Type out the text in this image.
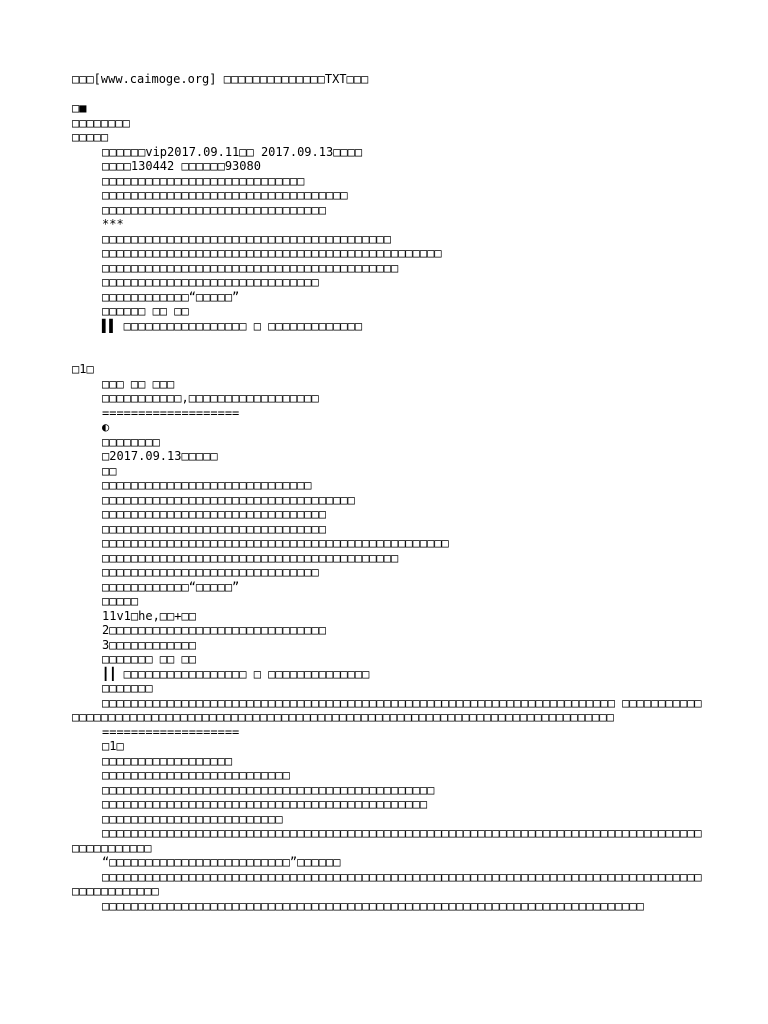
□□□[www.caimoge.org] □□□□□□□□□□□□□□TXT□□□
□■
□□□□□□□□
□□□□□
□□□□□□vip2017.09.11□□ 2017.09.13□□□□
□□□□130442 □□□□□□93080
□□□□□□□□□□□□□□□□□□□□□□□□□□□□
□□□□□□□□□□□□□□□□□□□□□□□□□□□□□□□□□□
□□□□□□□□□□□□□□□□□□□□□□□□□□□□□□□
***
□□□□□□□□□□□□□□□□□□□□□□□□□□□□□□□□□□□□□□□□
□□□□□□□□□□□□□□□□□□□□□□□□□□□□□□□□□□□□□□□□□□□□□□□
□□□□□□□□□□□□□□□□□□□□□□□□□□□□□□□□□□□□□□□□□
□□□□□□□□□□□□□□□□□□□□□□□□□□□□□□
□□□□□□□□□□□□“□□□□□”
□□□□□□ □□ □□
▌▌ □□□□□□□□□□□□□□□□□ □ □□□□□□□□□□□□□
□1□
□□□ □□ □□□
□□□□□□□□□□□,□□□□□□□□□□□□□□□□□□
===================
◐
□□□□□□□□
□2017.09.13□□□□□
□□
□□□□□□□□□□□□□□□□□□□□□□□□□□□□□
□□□□□□□□□□□□□□□□□□□□□□□□□□□□□□□□□□□
□□□□□□□□□□□□□□□□□□□□□□□□□□□□□□□
□□□□□□□□□□□□□□□□□□□□□□□□□□□□□□□
□□□□□□□□□□□□□□□□□□□□□□□□□□□□□□□□□□□□□□□□□□□□□□□□
□□□□□□□□□□□□□□□□□□□□□□□□□□□□□□□□□□□□□□□□□
□□□□□□□□□□□□□□□□□□□□□□□□□□□□□□
□□□□□□□□□□□□“□□□□□”
□□□□□
11v1□he,□□+□□
2□□□□□□□□□□□□□□□□□□□□□□□□□□□□□□
3□□□□□□□□□□□□
□□□□□□□ □□ □□
┃┃ □□□□□□□□□□□□□□□□□ □ □□□□□□□□□□□□□□
□□□□□□□
□□□□□□□□□□□□□□□□□□□□□□□□□□□□□□□□□□□□□□□□□□□□□□□□□□□□□□□□□□□□□□□□□□□□□□□ □□□□□□□□□□□□□□□□□□□□□□□□□□□□□□□□□□□□□□□□□□□□□□□□□□□□□□□□□□□□□□□□□□□□□□□□□□□□□□□□□□□□□□
===================
□1□
□□□□□□□□□□□□□□□□□□
□□□□□□□□□□□□□□□□□□□□□□□□□□
□□□□□□□□□□□□□□□□□□□□□□□□□□□□□□□□□□□□□□□□□□□□□□
□□□□□□□□□□□□□□□□□□□□□□□□□□□□□□□□□□□□□□□□□□□□□
□□□□□□□□□□□□□□□□□□□□□□□□□
□□□□□□□□□□□□□□□□□□□□□□□□□□□□□□□□□□□□□□□□□□□□□□□□□□□□□□□□□□□□□□□□□□□□□□□□□□□□□□□□□□□□□□□□□□□□□□
“□□□□□□□□□□□□□□□□□□□□□□□□□”□□□□□□
□□□□□□□□□□□□□□□□□□□□□□□□□□□□□□□□□□□□□□□□□□□□□□□□□□□□□□□□□□□□□□□□□□□□□□□□□□□□□□□□□□□□□□□□□□□□□□□
□□□□□□□□□□□□□□□□□□□□□□□□□□□□□□□□□□□□□□□□□□□□□□□□□□□□□□□□□□□□□□□□□□□□□□□□□□□
